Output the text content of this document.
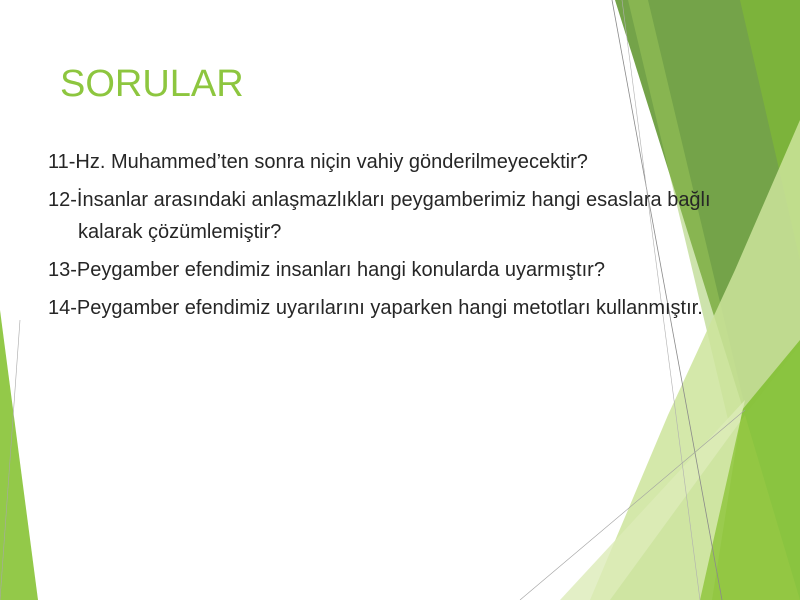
SORULAR
11-Hz. Muhammed’ten sonra niçin vahiy gönderilmeyecektir?
12-İnsanlar arasındaki anlaşmazlıkları peygamberimiz hangi esaslara bağlı kalarak çözümlemiştir?
13-Peygamber efendimiz insanları hangi konularda uyarmıştır?
14-Peygamber efendimiz uyarılarını yaparken hangi metotları kullanmıştır.
